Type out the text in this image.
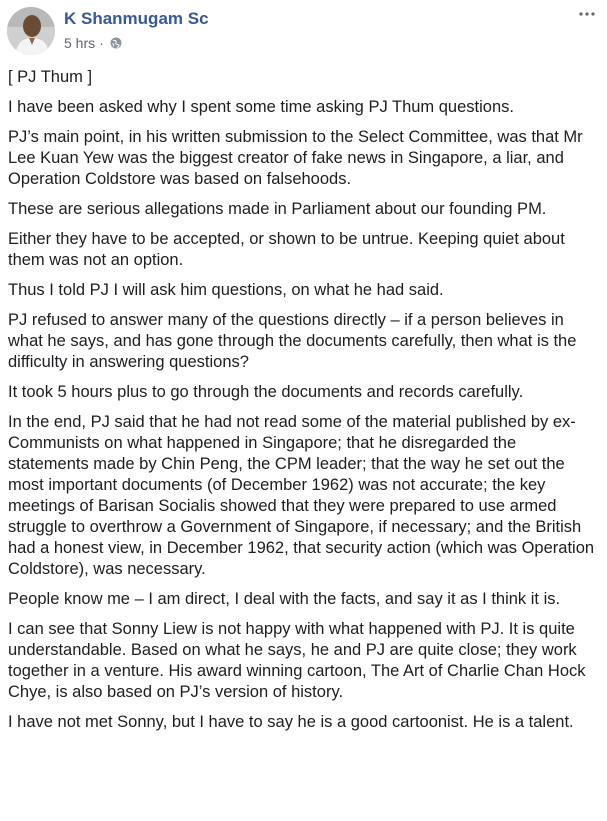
K Shanmugam Sc
5 hrs ·

[ PJ Thum ]

I have been asked why I spent some time asking PJ Thum questions.

PJ’s main point, in his written submission to the Select Committee, was that Mr Lee Kuan Yew was the biggest creator of fake news in Singapore, a liar, and Operation Coldstore was based on falsehoods.

These are serious allegations made in Parliament about our founding PM.

Either they have to be accepted, or shown to be untrue. Keeping quiet about them was not an option.

Thus I told PJ I will ask him questions, on what he had said.

PJ refused to answer many of the questions directly – if a person believes in what he says, and has gone through the documents carefully, then what is the difficulty in answering questions?

It took 5 hours plus to go through the documents and records carefully.

In the end, PJ said that he had not read some of the material published by ex-Communists on what happened in Singapore; that he disregarded the statements made by Chin Peng, the CPM leader; that the way he set out the most important documents (of December 1962) was not accurate; the key meetings of Barisan Socialis showed that they were prepared to use armed struggle to overthrow a Government of Singapore, if necessary; and the British had a honest view, in December 1962, that security action (which was Operation Coldstore), was necessary.

People know me – I am direct, I deal with the facts, and say it as I think it is.

I can see that Sonny Liew is not happy with what happened with PJ. It is quite understandable. Based on what he says, he and PJ are quite close; they work together in a venture. His award winning cartoon, The Art of Charlie Chan Hock Chye, is also based on PJ’s version of history.

I have not met Sonny, but I have to say he is a good cartoonist. He is a talent.
